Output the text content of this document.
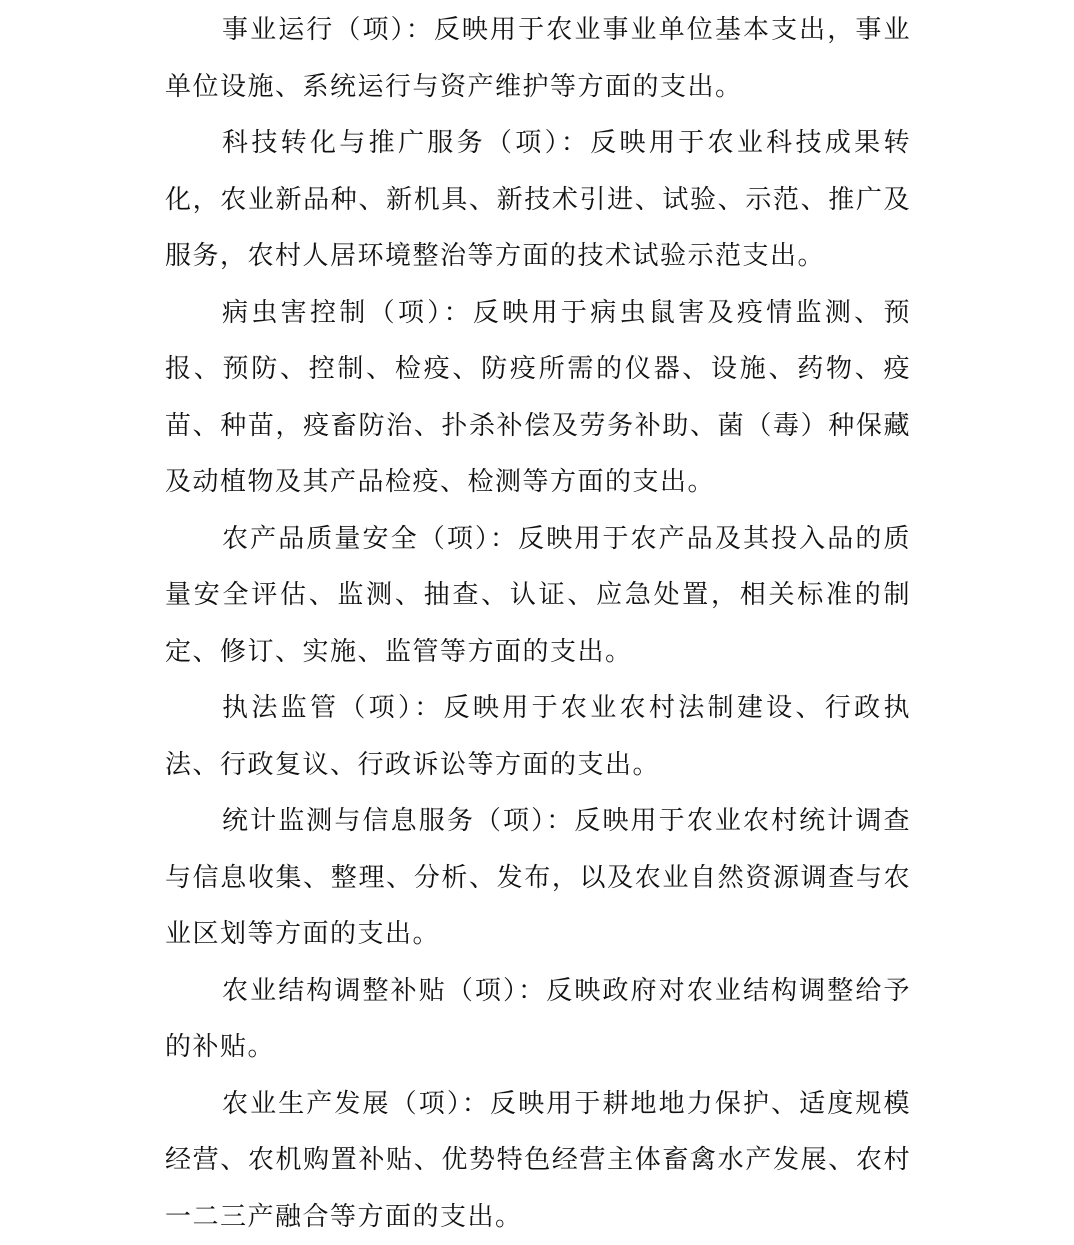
事业运行（项）：反映用于农业事业单位基本支出，事业单位设施、系统运行与资产维护等方面的支出。

科技转化与推广服务（项）：反映用于农业科技成果转化，农业新品种、新机具、新技术引进、试验、示范、推广及服务，农村人居环境整治等方面的技术试验示范支出。

病虫害控制（项）：反映用于病虫鼠害及疫情监测、预报、预防、控制、检疫、防疫所需的仪器、设施、药物、疫苗、种苗，疫畜防治、扑杀补偿及劳务补助、菌（毒）种保藏及动植物及其产品检疫、检测等方面的支出。

农产品质量安全（项）：反映用于农产品及其投入品的质量安全评估、监测、抽查、认证、应急处置，相关标准的制定、修订、实施、监管等方面的支出。

执法监管（项）：反映用于农业农村法制建设、行政执法、行政复议、行政诉讼等方面的支出。

统计监测与信息服务（项）：反映用于农业农村统计调查与信息收集、整理、分析、发布，以及农业自然资源调查与农业区划等方面的支出。

农业结构调整补贴（项）：反映政府对农业结构调整给予的补贴。

农业生产发展（项）：反映用于耕地地力保护、适度规模经营、农机购置补贴、优势特色经营主体畜禽水产发展、农村一二三产融合等方面的支出。
